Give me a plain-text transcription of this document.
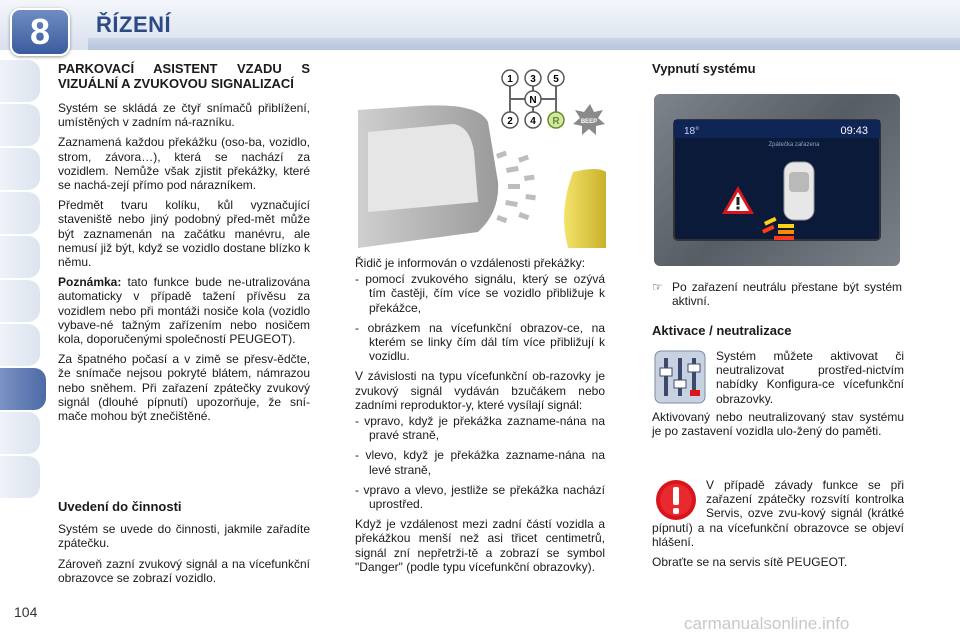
8	ŘÍZENÍ
PARKOVACÍ ASISTENT VZADU S VIZUÁLNÍ A ZVUKOVOU SIGNALIZACÍ

Systém se skládá ze čtyř snímačů přiblížení, umístěných v zadním ná-razníku.

Zaznamená každou překážku (oso-ba, vozidlo, strom, závora…), která se nachází za vozidlem. Nemůže však zjistit překážky, které se nachá-zejí přímo pod nárazníkem.

Předmět tvaru kolíku, kůl vyznačující staveniště nebo jiný podobný před-mět může být zaznamenán na začátku manévru, ale nemusí již být, když se vozidlo dostane blízko k němu.

Poznámka: tato funkce bude ne-utralizována automaticky v případě tažení přívěsu za vozidlem nebo při montáži nosiče kola (vozidlo vybave-né tažným zařízením nebo nosičem kola, doporučenými společností PEUGEOT).

Za špatného počasí a v zimě se přesv-ědčte, že snímače nejsou pokryté blátem, námrazou nebo sněhem. Při zařazení zpátečky zvukový signál (dlouhé pípnutí) upozorňuje, že sní-mače mohou být znečištěné.

Uvedení do činnosti

Systém se uvede do činnosti, jakmile zařadíte zpátečku.

Zároveň zazní zvukový signál a na vícefunkční obrazovce se zobrazí vozidlo.

1 3 5
N
2 4 R	BEEP

Řidič je informován o vzdálenosti překážky:

- pomocí zvukového signálu, který se ozývá tím častěji, čím více se vozidlo přibližuje k překážce,

- obrázkem na vícefunkční obrazov-ce, na kterém se linky čím dál tím více přibližují k vozidlu.

V závislosti na typu vícefunkční ob-razovky je zvukový signál vydáván bzučákem nebo zadními reproduktor-y, které vysílají signál:

- vpravo, když je překážka zazname-nána na pravé straně,

- vlevo, když je překážka zazname-nána na levé straně,

- vpravo a vlevo, jestliže se překážka nachází uprostřed.

Když je vzdálenost mezi zadní částí vozidla a překážkou menší než asi třicet centimetrů, signál zní nepřetrži-tě a zobrazí se symbol "Danger" (podle typu vícefunkční obrazovky).

Vypnutí systému

18°	09:43
Zpátečka zařazena

☞ Po zařazení neutrálu přestane být systém aktivní.

Aktivace / neutralizace

Systém můžete aktivovat či neutralizovat prostřed-nictvím nabídky Konfigura-ce vícefunkční obrazovky.

Aktivovaný nebo neutralizovaný stav systému je po zastavení vozidla ulo-žený do paměti.

V případě závady funkce se při zařazení zpátečky rozsvítí kontrolka Servis, ozve zvu-kový signál (krátké pípnutí) a na vícefunkční obrazovce se objeví hlášení.

Obraťte se na servis sítě PEUGEOT.

104
carmanualsonline.info
